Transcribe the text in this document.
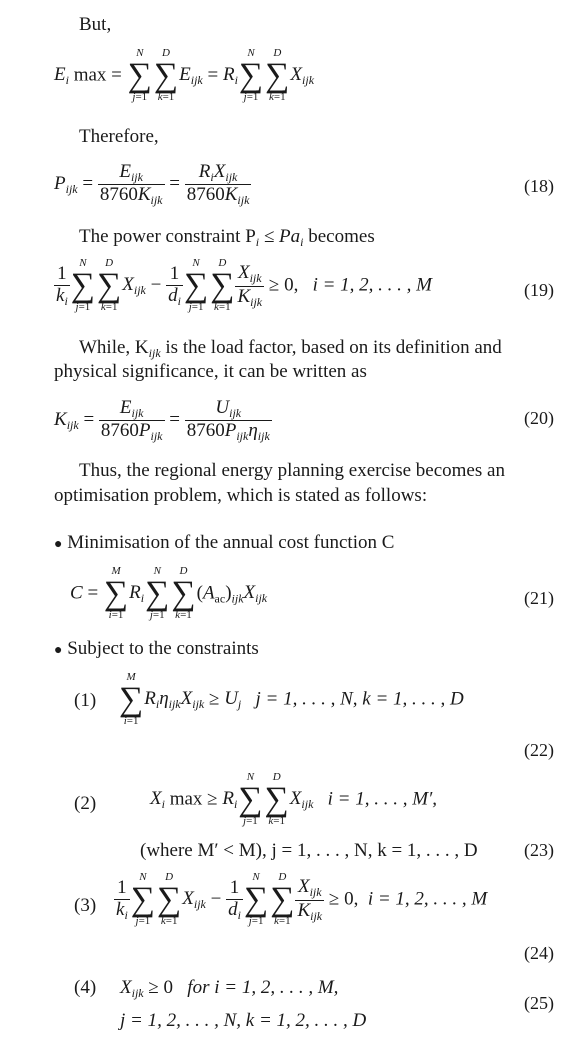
But,
$E_i$ max =
N
∑
j=1
D
∑
k=1
$E_{ijk} = R_i$
N
∑
j=1
D
∑
k=1
$X_{ijk}$
Therefore,
$P_{ijk} = \frac{E_{ijk}}{8760K_{ijk}} = \frac{R_iX_{ijk}}{8760K_{ijk}}$	(18)
The power constraint $P_i \le Pa_i$ becomes
$\frac{1}{k_i}$
N
∑
j=1
D
∑
k=1
$X_{ijk} - \frac{1}{d_i}$
N
∑
j=1
D
∑
$k=1 \frac{X_{ijk}}{K_{ijk}} \ge 0$,   i = 1, 2, . . . , M	(19)
While, $K_{ijk}$ is the load factor, based on its definition and
physical significance, it can be written as
$K_{ijk} = \frac{E_{ijk}}{8760P_{ijk}} = \frac{U_{ijk}}{8760P_{ijk}\eta_{ijk}}$	(20)
Thus, the regional energy planning exercise becomes an
optimisation problem, which is stated as follows:
● Minimisation of the annual cost function C
C =
M
∑
i=1
$R_i$
N
∑
j=1
D
∑
k=1
$(A_{ac})_{ijk}X_{ijk}$	(21)
● Subject to the constraints
(1)
M
∑
i=1
$R_i\eta_{ijk}X_{ijk} \ge U_j$ j = 1, . . . , N, k = 1, . . . , D
(22)
(2)	$X_i$ $\max \ge R_i$
N
∑
j=1
D
∑
k=1
$X_{ijk}$ i = 1, . . . , M′,
(where M′ < M), j = 1, . . . , N, k = 1, . . . , D	(23)
$(3) \frac{1}{k_i}$
N
∑
j=1
D
∑
k=1
$X_{ijk} - \frac{1}{d_i}$
N
∑
j=1
D
∑
$k=1 \frac{X_{ijk}}{K_{ijk}} \ge 0$,  i = 1, 2, . . . , M
(24)
(4) $X_{ijk} \ge 0$   for i = 1, 2, . . . , M,
j = 1, 2, . . . , N, k = 1, 2, . . . , D
(25)
